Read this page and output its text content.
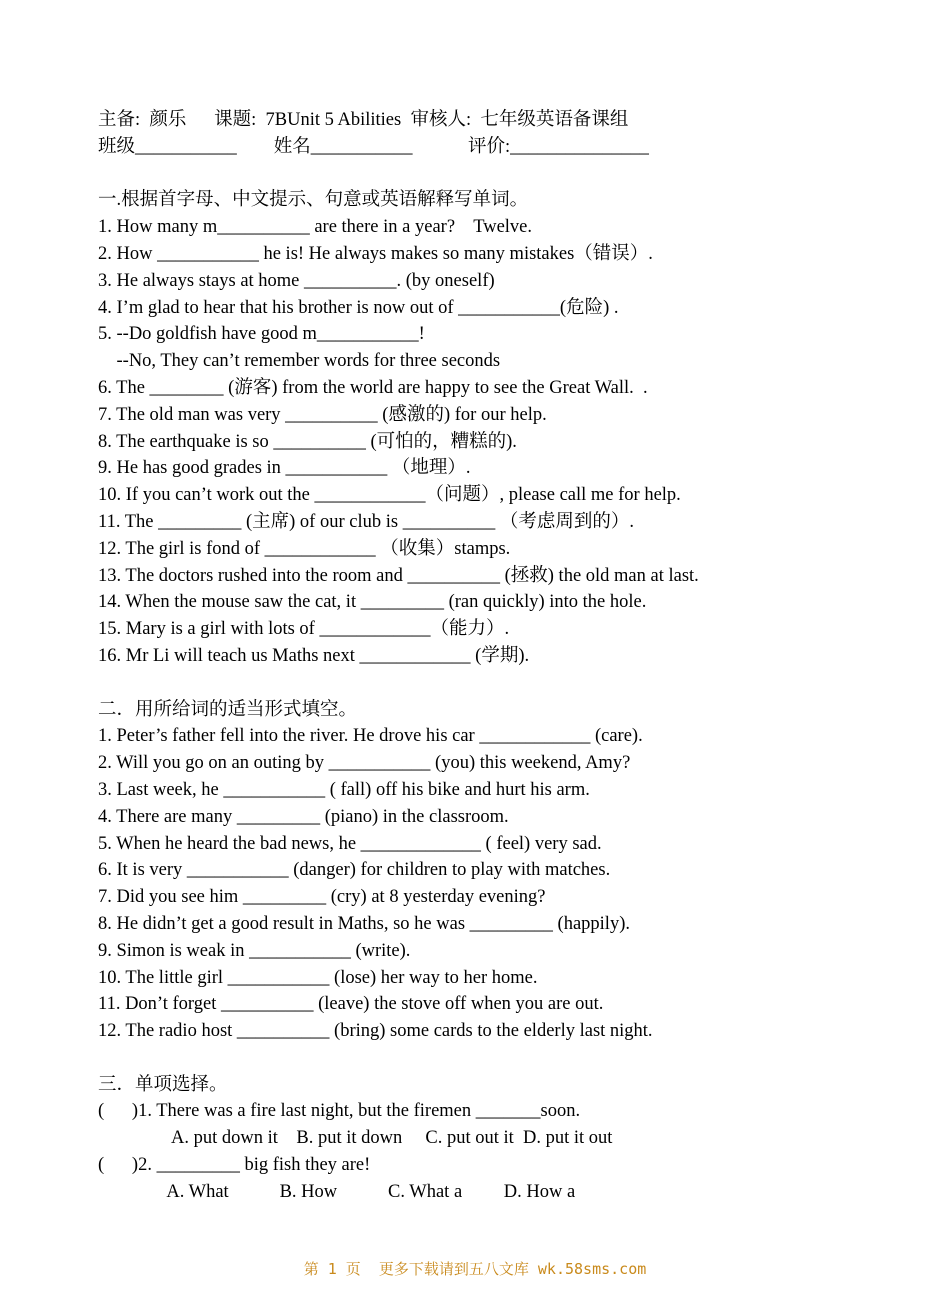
主备:  颜乐      课题:  7BUnit 5 Abilities  审核人:  七年级英语备课组
班级___________        姓名___________            评价:_______________
一.根据首字母、中文提示、句意或英语解释写单词。
1. How many m__________ are there in a year?    Twelve.
2. How ___________ he is! He always makes so many mistakes（错误）.
3. He always stays at home __________. (by oneself)
4. I’m glad to hear that his brother is now out of ___________(危险) .
5. --Do goldfish have good m___________!
--No, They can’t remember words for three seconds
6. The ________ (游客) from the world are happy to see the Great Wall.  .
7. The old man was very __________ (感激的) for our help.
8. The earthquake is so __________ (可怕的，糟糕的).
9. He has good grades in ___________ （地理）.
10. If you can’t work out the ____________（问题）, please call me for help.
11. The _________ (主席) of our club is __________ （考虑周到的）.
12. The girl is fond of ____________ （收集）stamps.
13. The doctors rushed into the room and __________ (拯救) the old man at last.
14. When the mouse saw the cat, it _________ (ran quickly) into the hole.
15. Mary is a girl with lots of ____________（能力）.
16. Mr Li will teach us Maths next ____________ (学期).
二．用所给词的适当形式填空。
1. Peter’s father fell into the river. He drove his car ____________ (care).
2. Will you go on an outing by ___________ (you) this weekend, Amy?
3. Last week, he ___________ ( fall) off his bike and hurt his arm.
4. There are many _________ (piano) in the classroom.
5. When he heard the bad news, he _____________ ( feel) very sad.
6. It is very ___________ (danger) for children to play with matches.
7. Did you see him _________ (cry) at 8 yesterday evening?
8. He didn’t get a good result in Maths, so he was _________ (happily).
9. Simon is weak in ___________ (write).
10. The little girl ___________ (lose) her way to her home.
11. Don’t forget __________ (leave) the stove off when you are out.
12. The radio host __________ (bring) some cards to the elderly last night.
三．单项选择。
(      )1. There was a fire last night, but the firemen _______soon.
A. put down it    B. put it down     C. put out it  D. put it out
(      )2. _________ big fish they are!
A. What           B. How           C. What a         D. How a
第 1 页  更多下载请到五八文库 wk.58sms.com
